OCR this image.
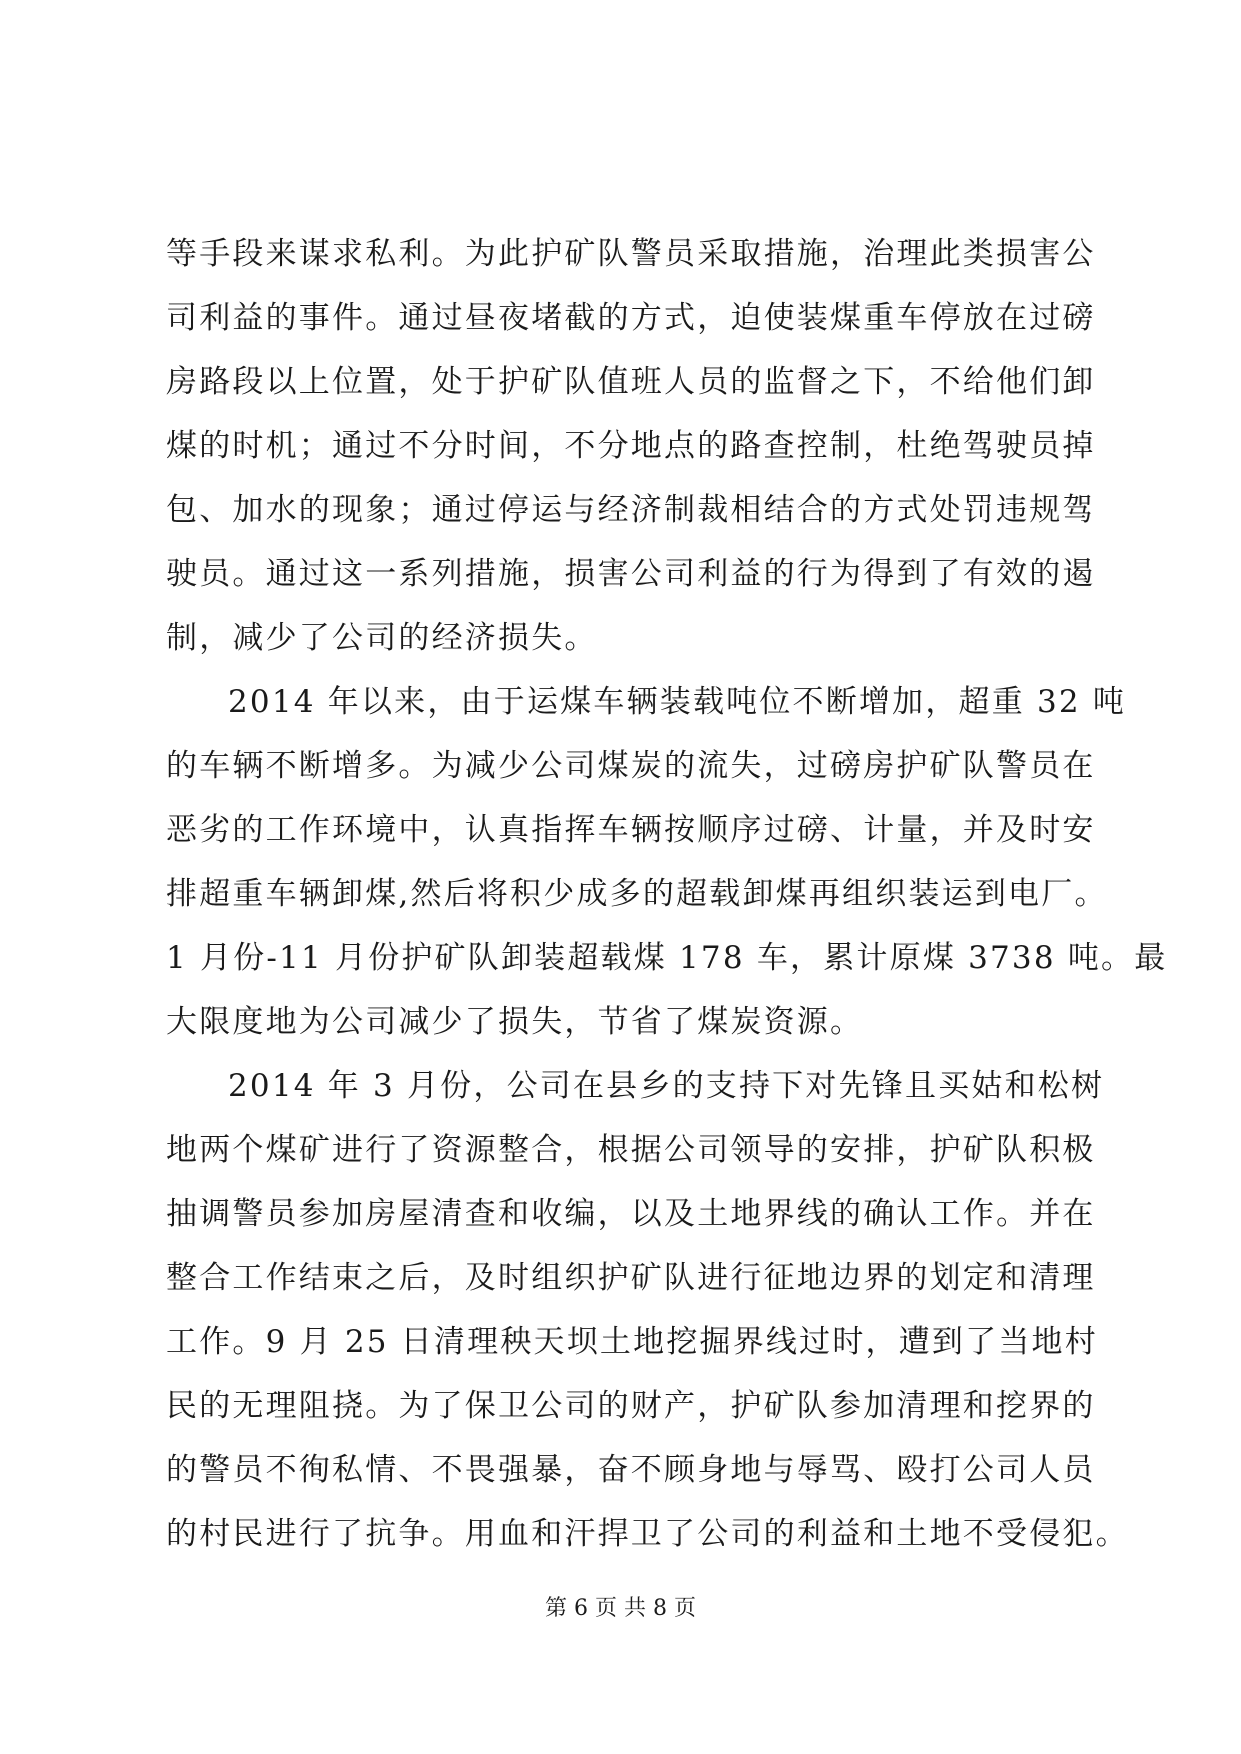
等手段来谋求私利。为此护矿队警员采取措施，治理此类损害公
司利益的事件。通过昼夜堵截的方式，迫使装煤重车停放在过磅
房路段以上位置，处于护矿队值班人员的监督之下，不给他们卸
煤的时机；通过不分时间，不分地点的路查控制，杜绝驾驶员掉
包、加水的现象；通过停运与经济制裁相结合的方式处罚违规驾
驶员。通过这一系列措施，损害公司利益的行为得到了有效的遏
制，减少了公司的经济损失。
2014 年以来，由于运煤车辆装载吨位不断增加，超重 32 吨
的车辆不断增多。为减少公司煤炭的流失，过磅房护矿队警员在
恶劣的工作环境中，认真指挥车辆按顺序过磅、计量，并及时安
排超重车辆卸煤,然后将积少成多的超载卸煤再组织装运到电厂。
1 月份-11 月份护矿队卸装超载煤 178 车，累计原煤 3738 吨。最
大限度地为公司减少了损失，节省了煤炭资源。
2014 年 3 月份，公司在县乡的支持下对先锋且买姑和松树
地两个煤矿进行了资源整合，根据公司领导的安排，护矿队积极
抽调警员参加房屋清查和收编，以及土地界线的确认工作。并在
整合工作结束之后，及时组织护矿队进行征地边界的划定和清理
工作。9 月 25 日清理秧天坝土地挖掘界线过时，遭到了当地村
民的无理阻挠。为了保卫公司的财产，护矿队参加清理和挖界的
的警员不徇私情、不畏强暴，奋不顾身地与辱骂、殴打公司人员
的村民进行了抗争。用血和汗捍卫了公司的利益和土地不受侵犯。
第 6 页 共 8 页
